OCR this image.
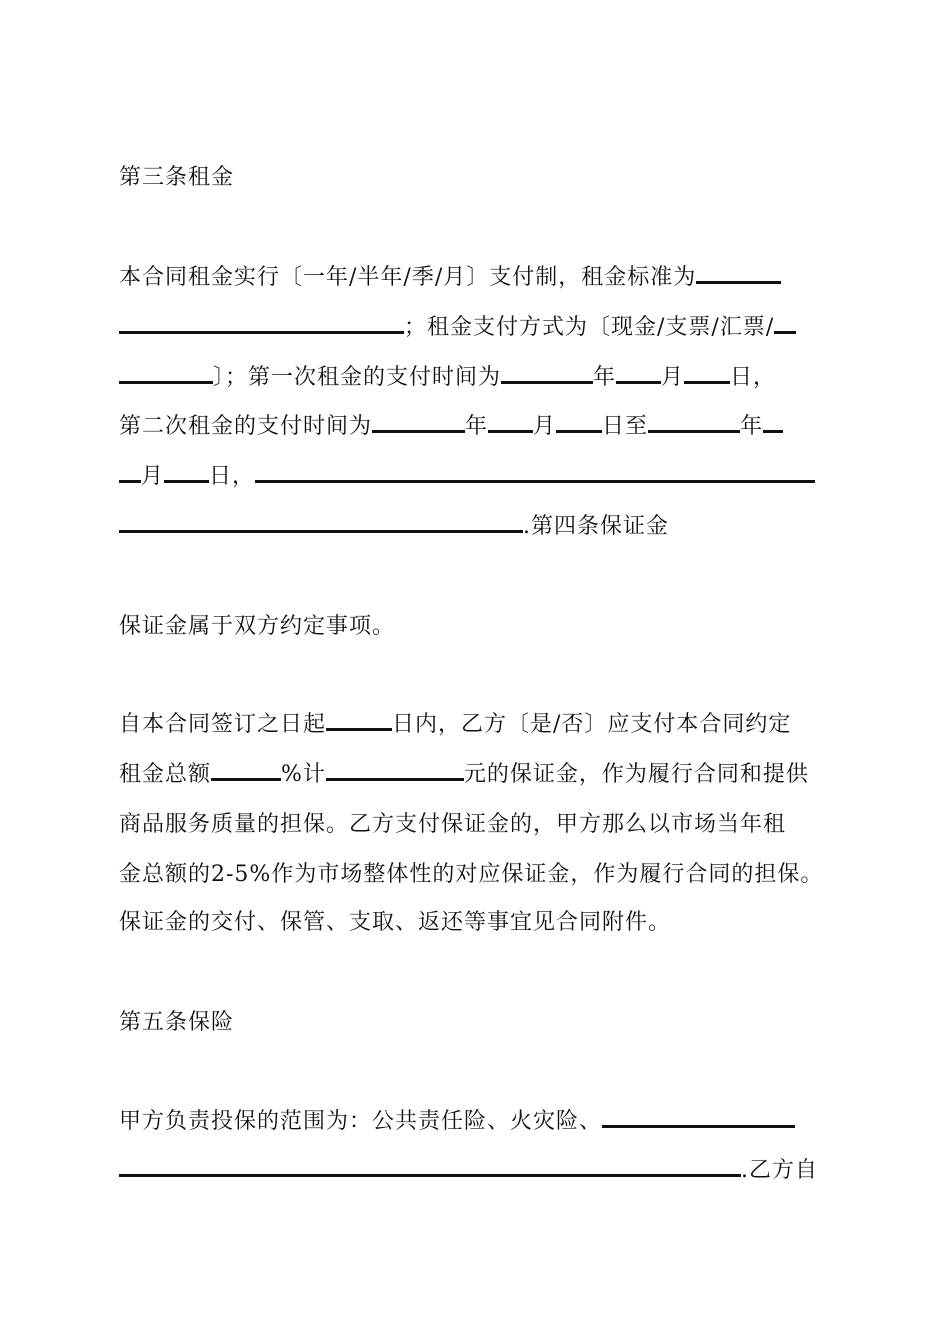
第三条租金
本合同租金实行〔一年/半年/季/月〕支付制，租金标准为
；租金支付方式为〔现金/支票/汇票/
〕；第一次租金的支付时间为	年 月 日，
第二次租金的支付时间为	年 月 日至	年
月 日，
.第四条保证金
保证金属于双方约定事项。
自本合同签订之日起	日内，乙方〔是/否〕应支付本合同约定
租金总额	%计	元的保证金，作为履行合同和提供
商品服务质量的担保。乙方支付保证金的，甲方那么以市场当年租
金总额的2-5%作为市场整体性的对应保证金，作为履行合同的担保。
保证金的交付、保管、支取、返还等事宜见合同附件。
第五条保险
甲方负责投保的范围为：公共责任险、火灾险、
.乙方自
